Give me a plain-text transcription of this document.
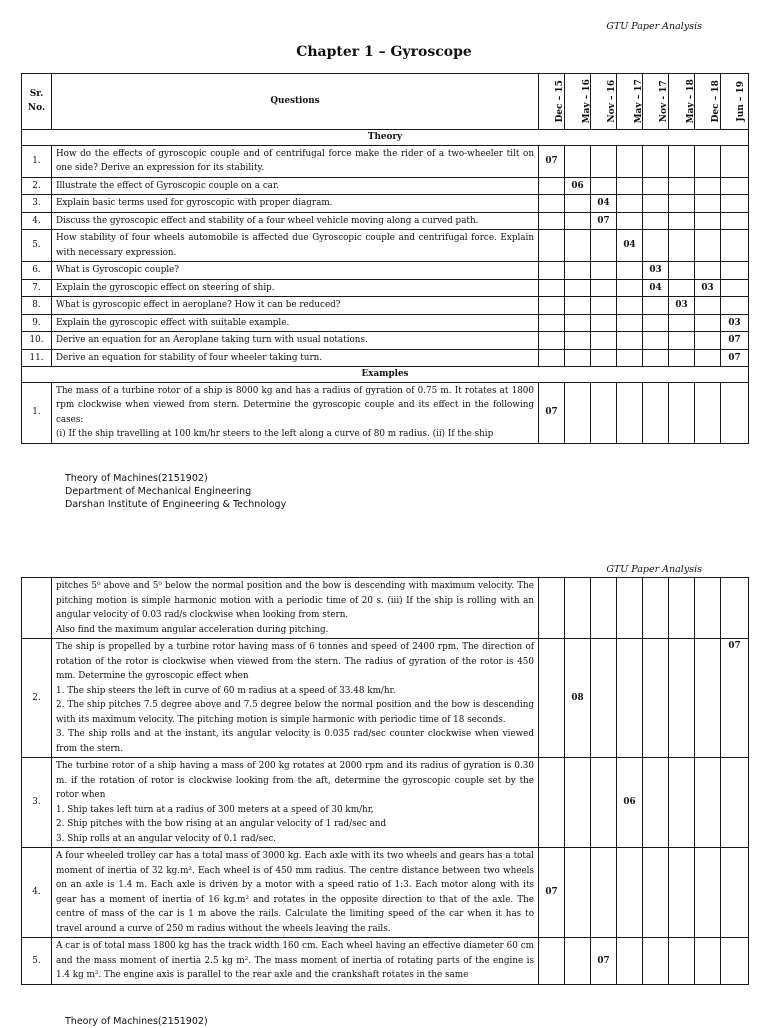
GTU Paper Analysis
Chapter 1 – Gyroscope
Sr. No.	Questions	Dec – 15	May – 16	Nov – 16	May – 17	Nov - 17	May – 18	Dec – 18	Jun – 19
Theory									
1.	How do the effects of gyroscopic couple and of centrifugal force make the rider of a two-wheeler tilt on one side? Derive an expression for its stability.	07							
2.	Illustrate the effect of Gyroscopic couple on a car.		06						
3.	Explain basic terms used for gyroscopic with proper diagram.			04					
4.	Discuss the gyroscopic effect and stability of a four wheel vehicle moving along a curved path.			07					
5.	How stability of four wheels automobile is affected due Gyroscopic couple and centrifugal force. Explain with necessary expression.				04				
6.	What is Gyroscopic couple?					03			
7.	Explain the gyroscopic effect on steering of ship.					04		03	
8.	What is gyroscopic effect in aeroplane? How it can be reduced?						03		
9.	Explain the gyroscopic effect with suitable example.								03
10.	Derive an equation for an Aeroplane taking turn with usual notations.								07
11.	Derive an equation for stability of four wheeler taking turn.								07
Examples									
1.	The mass of a turbine rotor of a ship is 8000 kg and has a radius of gyration of 0.75 m. It rotates at 1800 rpm clockwise when viewed from stern. Determine the gyroscopic couple and its effect in the following cases:
(i) If the ship travelling at 100 km/hr steers to the left along a curve of 80 m radius. (ii) If the ship	07							
Theory of Machines(2151902)
Department of Mechanical Engineering
Darshan Institute of Engineering & Technology
GTU Paper Analysis

	pitches 5⁰ above and 5⁰ below the normal position and the bow is descending with maximum velocity. The pitching motion is simple harmonic motion with a periodic time of 20 s. (iii) If the ship is rolling with an angular velocity of 0.03 rad/s clockwise when looking from stern.
Also find the maximum angular acceleration during pitching.								

2.	The ship is propelled by a turbine rotor having mass of 6 tonnes and speed of 2400 rpm. The direction of rotation of the rotor is clockwise when viewed from the stern. The radius of gyration of the rotor is 450 mm. Determine the gyroscopic effect when
1. The ship steers the left in curve of 60 m radius at a speed of 33.48 km/hr.
2. The ship pitches 7.5 degree above and 7.5 degree below the normal position and the bow is descending with its maximum velocity. The pitching motion is simple harmonic with periodic time of 18 seconds.
3. The ship rolls and at the instant, its angular velocity is 0.035 rad/sec counter clockwise when viewed from the stern.		08						07
3.	The turbine rotor of a ship having a mass of 200 kg rotates at 2000 rpm and its radius of gyration is 0.30 m. if the rotation of rotor is clockwise looking from the aft, determine the gyroscopic couple set by the rotor when
1. Ship takes left turn at a radius of 300 meters at a speed of 30 km/hr,
2. Ship pitches with the bow rising at an angular velocity of 1 rad/sec and
3. Ship rolls at an angular velocity of 0.1 rad/sec.				06				
4.	A four wheeled trolley car has a total mass of 3000 kg. Each axle with its two wheels and gears has a total moment of inertia of 32 kg.m². Each wheel is of 450 mm radius. The centre distance between two wheels on an axle is 1.4 m. Each axle is driven by a motor with a speed ratio of 1:3. Each motor along with its gear has a moment of inertia of 16 kg.m² and rotates in the opposite direction to that of the axle. The centre of mass of the car is 1 m above the rails. Calculate the limiting speed of the car when it has to travel around a curve of 250 m radius without the wheels leaving the rails.	07							
5.	A car is of total mass 1800 kg has the track width 160 cm. Each wheel having an effective diameter 60 cm and the mass moment of inertia 2.5 kg m². The mass moment of inertia of rotating parts of the engine is 1.4 kg m². The engine axis is parallel to the rear axle and the crankshaft rotates in the same			07					
Theory of Machines(2151902)
